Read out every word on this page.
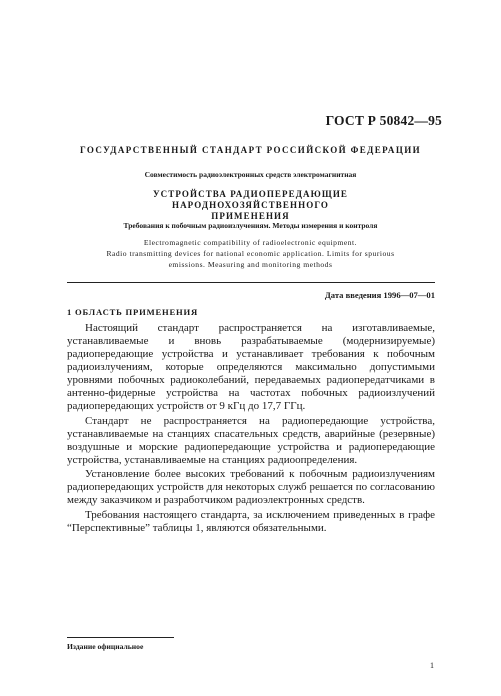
ГОСТ Р 50842—95
ГОСУДАРСТВЕННЫЙ СТАНДАРТ РОССИЙСКОЙ ФЕДЕРАЦИИ
Совместимость радиоэлектронных средств электромагнитная
УСТРОЙСТВА РАДИОПЕРЕДАЮЩИЕ НАРОДНОХОЗЯЙСТВЕННОГО
ПРИМЕНЕНИЯ
Требования к побочным радиоизлучениям. Методы измерения и контроля
Electromagnetic compatibility of radioelectronic equipment.
Radio transmitting devices for national economic application. Limits for spurious
emissions. Measuring and monitoring methods
Дата введения 1996—07—01
1 ОБЛАСТЬ ПРИМЕНЕНИЯ

Настоящий стандарт распространяется на изготавливаемые, устанавливаемые и вновь разрабатываемые (модернизируемые) радиопередающие устройства и устанавливает требования к побочным радиоизлучениям, которые определяются максимально допустимыми уровнями побочных радиоколебаний, передаваемых радиопередатчиками в антенно-фидерные устройства на частотах побочных радиоизлучений радиопередающих устройств от 9 кГц до 17,7 ГГц.

Стандарт не распространяется на радиопередающие устройства, устанавливаемые на станциях спасательных средств, аварийные (резервные) воздушные и морские радиопередающие устройства и радиопередающие устройства, устанавливаемые на станциях радиоопределения.

Установление более высоких требований к побочным радиоизлучениям радиопередающих устройств для некоторых служб решается по согласованию между заказчиком и разработчиком радиоэлектронных средств.

Требования настоящего стандарта, за исключением приведенных в графе “Перспективные” таблицы 1, являются обязательными.

Издание официальное
1
